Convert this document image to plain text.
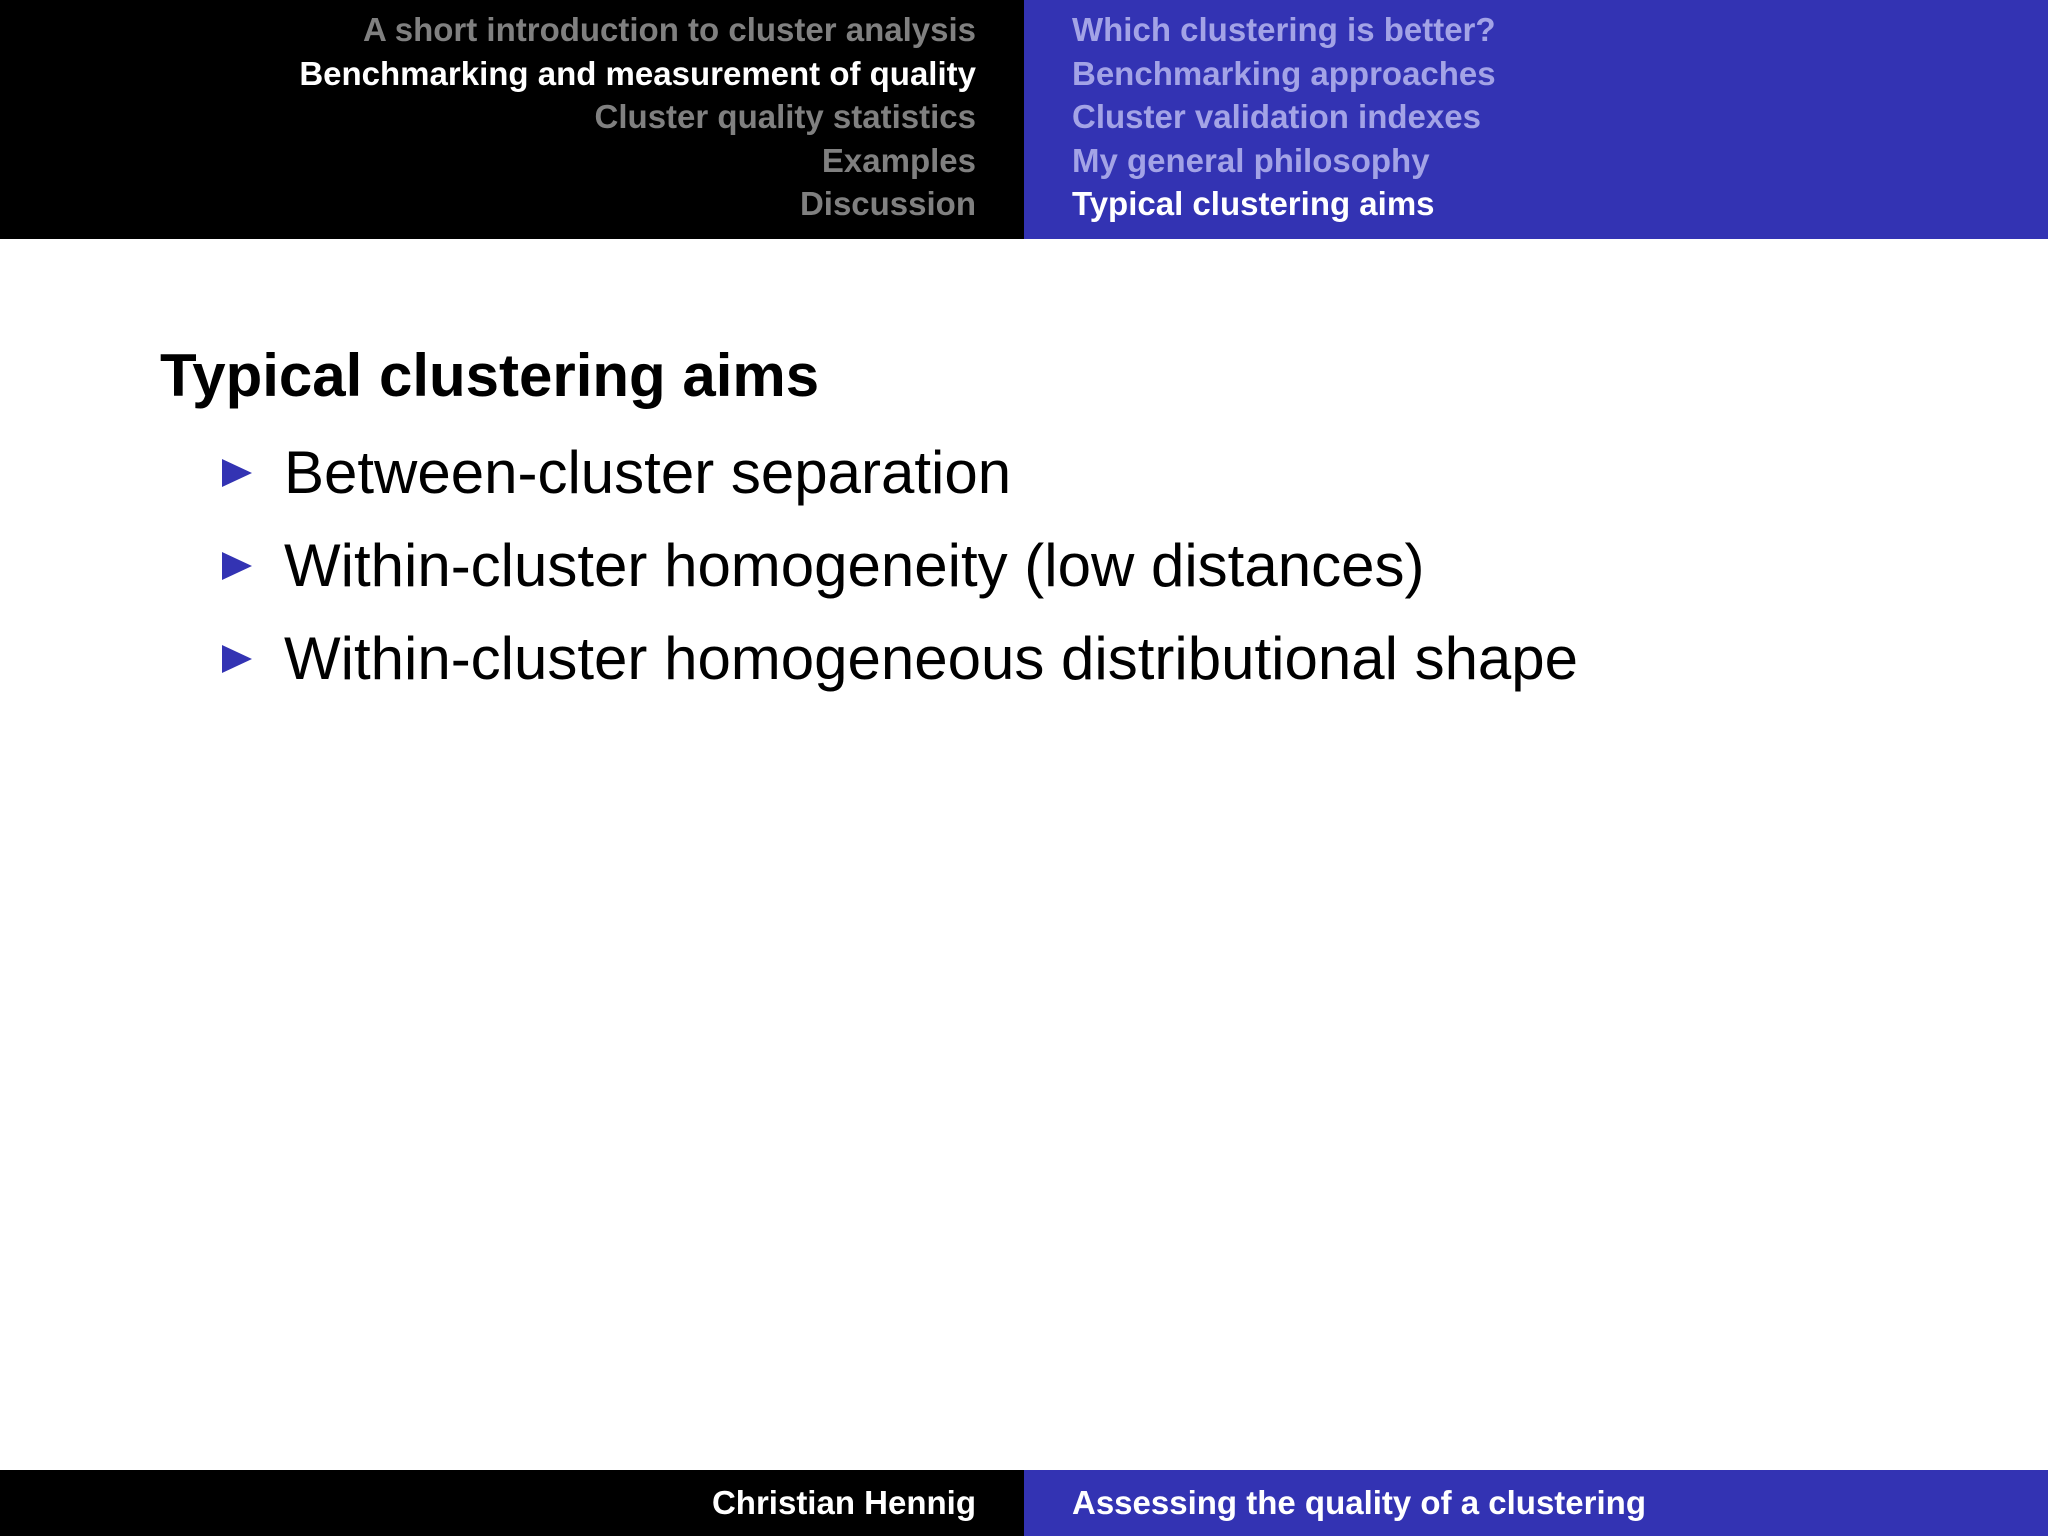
A short introduction to cluster analysis
Benchmarking and measurement of quality
Cluster quality statistics
Examples
Discussion
Which clustering is better?
Benchmarking approaches
Cluster validation indexes
My general philosophy
Typical clustering aims
Typical clustering aims
Between-cluster separation
Within-cluster homogeneity (low distances)
Within-cluster homogeneous distributional shape
Christian Hennig	Assessing the quality of a clustering
